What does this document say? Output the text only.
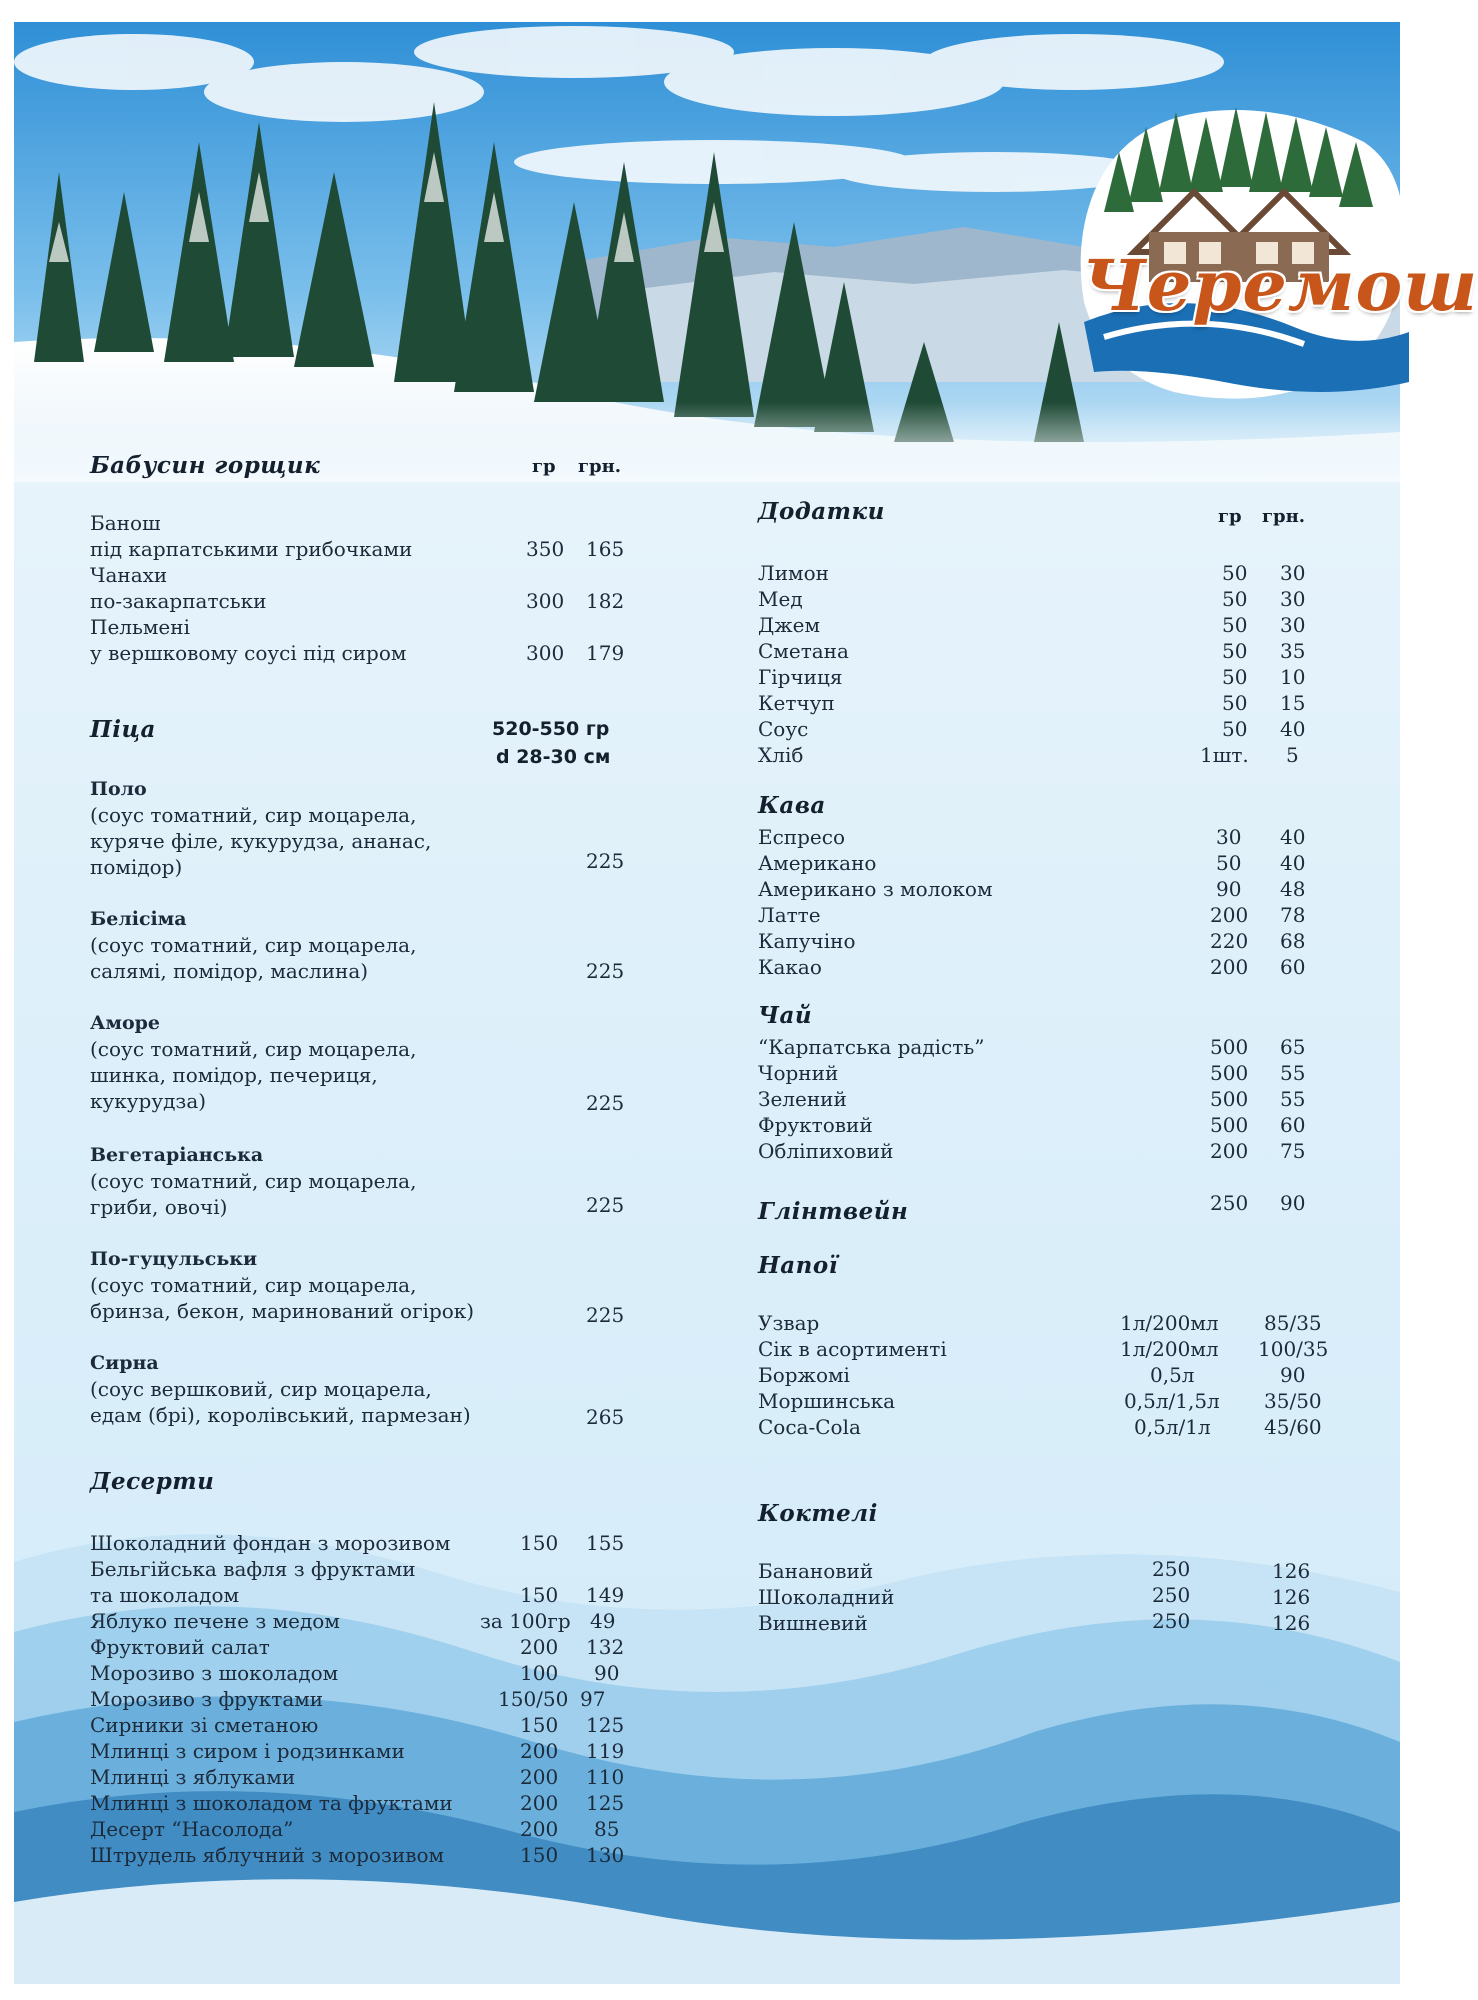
Черемош
Бабусин горщик	гр грн.
Банош
під карпатськими грибочками	350 165
Чанахи
по-закарпатськи	300 182
Пельмені
у вершковому соусі під сиром	300 179
Піца	520-550 гр
d 28-30 см
Поло
(соус томатний, сир моцарела,
куряче філе, кукурудза, ананас,
помідор)	225
Белісіма
(соус томатний, сир моцарела,
салямі, помідор, маслина)	225
Аморе
(соус томатний, сир моцарела,
шинка, помідор, печериця,
кукурудза)	225
Вегетаріанська
(соус томатний, сир моцарела,
гриби, овочі)	225
По-гуцульськи
(соус томатний, сир моцарела,
бринза, бекон, маринований огірок)	225
Сирна
(соус вершковий, сир моцарела,
едам (брі), королівський, пармезан)	265
Десерти
Шоколадний фондан з морозивом	150 155
Бельгійська вафля з фруктами
та шоколадом	150 149
Яблуко печене з медом	за 100гр 49
Фруктовий салат	200 132
Морозиво з шоколадом	100 90
Морозиво з фруктами	150/50 97
Сирники зі сметаною	150 125
Млинці з сиром і родзинками	200 119
Млинці з яблуками	200 110
Млинці з шоколадом та фруктами	200 125
Десерт “Насолода”	200 85
Штрудель яблучний з морозивом	150 130
Додатки	гр грн.
Лимон	50 30
Мед	50 30
Джем	50 30
Сметана	50 35
Гірчиця	50 10
Кетчуп	50 15
Соус	50 40
Хліб	1шт. 5
Кава
Еспресо	30 40
Американо	50 40
Американо з молоком	90 48
Латте	200 78
Капучіно	220 68
Какао	200 60
Чай
“Карпатська радість”	500 65
Чорний	500 55
Зелений	500 55
Фруктовий	500 60
Обліпиховий	200 75
Глінтвейн	250 90
Напої
Узвар	1л/200мл 85/35
Сік в асортименті	1л/200мл 100/35
Боржомі	0,5л	90
Моршинська	0,5л/1,5л 35/50
Coca-Cola	0,5л/1л	45/60
Коктелі
Банановий	250	126
Шоколадний	250	126
Вишневий	250	126
